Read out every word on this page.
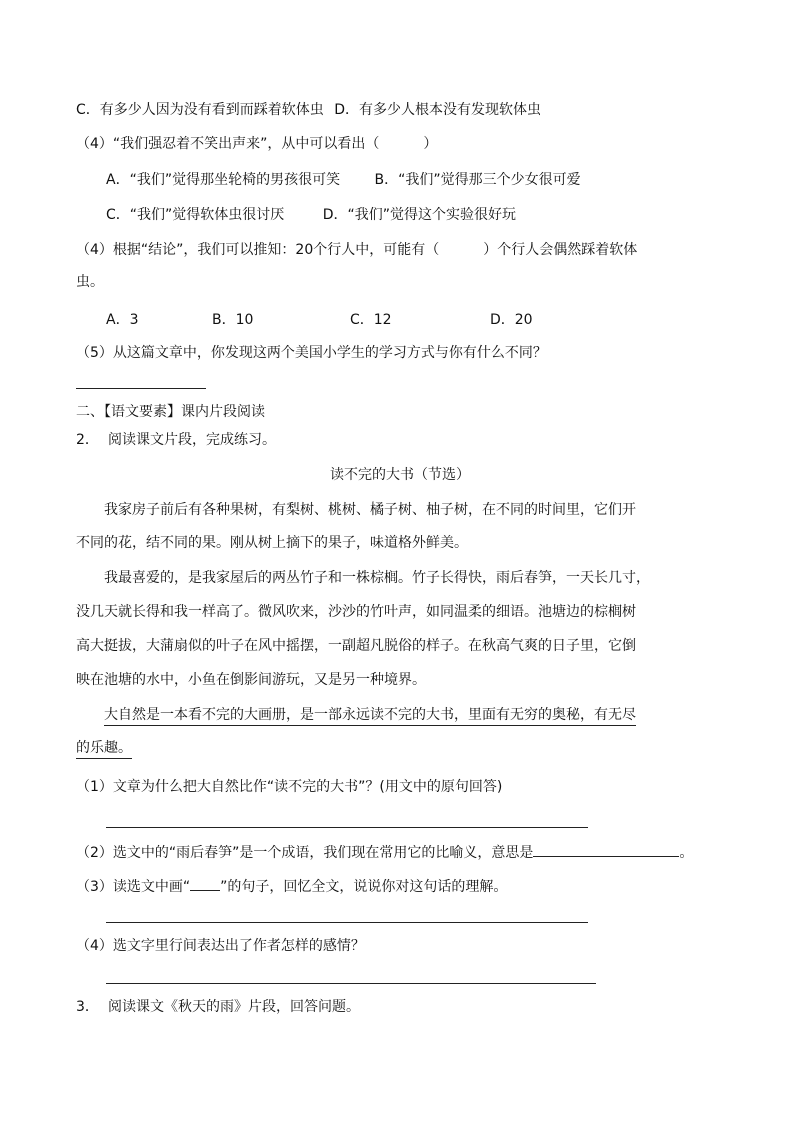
C．有多少人因为没有看到而踩着软体虫 D．有多少人根本没有发现软体虫
（4）“我们强忍着不笑出声来”，从中可以看出（	）
A．“我们”觉得那坐轮椅的男孩很可笑 B．“我们”觉得那三个少女很可爱
C．“我们”觉得软体虫很讨厌	D．“我们”觉得这个实验很好玩
（4）根据“结论”，我们可以推知：20个行人中，可能有（	）个行人会偶然踩着软体
虫。
A．3	B．10	C．12	D．20
（5）从这篇文章中，你发现这两个美国小学生的学习方式与你有什么不同？
二、【语文要素】课内片段阅读
2． 阅读课文片段，完成练习。
读不完的大书（节选）
我家房子前后有各种果树，有梨树、桃树、橘子树、柚子树，在不同的时间里，它们开
不同的花，结不同的果。刚从树上摘下的果子，味道格外鲜美。
我最喜爱的，是我家屋后的两丛竹子和一株棕榈。竹子长得快，雨后春笋，一天长几寸，
没几天就长得和我一样高了。微风吹来，沙沙的竹叶声，如同温柔的细语。池塘边的棕榈树
高大挺拔，大蒲扇似的叶子在风中摇摆，一副超凡脱俗的样子。在秋高气爽的日子里，它倒
映在池塘的水中，小鱼在倒影间游玩，又是另一种境界。
大自然是一本看不完的大画册，是一部永远读不完的大书，里面有无穷的奥秘，有无尽
的乐趣。
（1）文章为什么把大自然比作“读不完的大书”？(用文中的原句回答)
（2）选文中的“雨后春笋”是一个成语，我们现在常用它的比喻义，意思是	。
（3）读选文中画“ ”的句子，回忆全文，说说你对这句话的理解。
（4）选文字里行间表达出了作者怎样的感情？
3． 阅读课文《秋天的雨》片段，回答问题。
